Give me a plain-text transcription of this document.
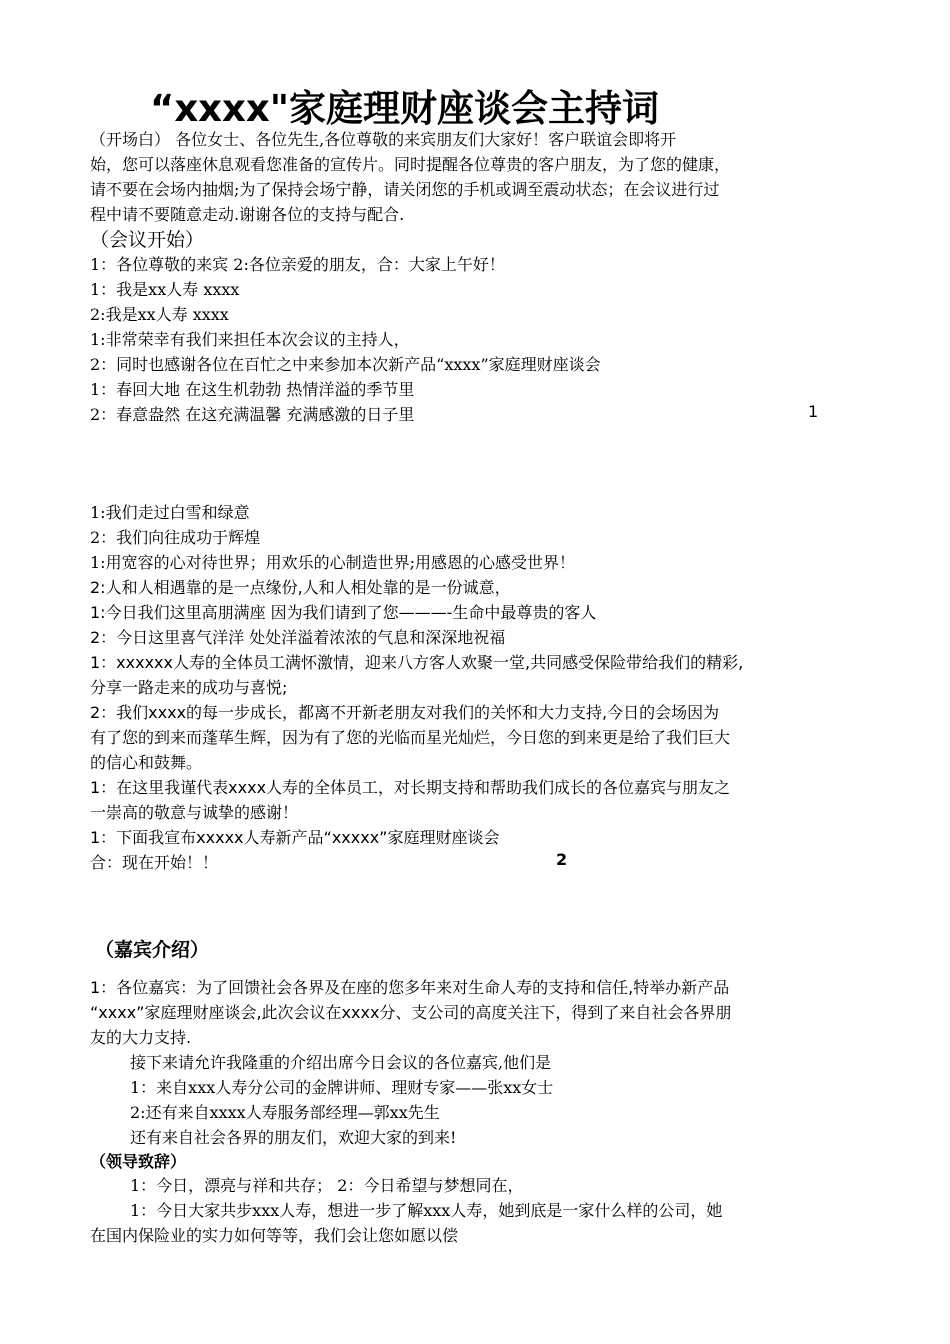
“xxxx"家庭理财座谈会主持词
（开场白） 各位女士、各位先生,各位尊敬的来宾朋友们大家好！客户联谊会即将开
始，您可以落座休息观看您准备的宣传片。同时提醒各位尊贵的客户朋友，为了您的健康，
请不要在会场内抽烟;为了保持会场宁静，请关闭您的手机或调至震动状态；在会议进行过
程中请不要随意走动.谢谢各位的支持与配合.
（会议开始）
1：各位尊敬的来宾 2:各位亲爱的朋友，合：大家上午好！
1：我是xx人寿 xxxx
2:我是xx人寿 xxxx
1:非常荣幸有我们来担任本次会议的主持人，
2：同时也感谢各位在百忙之中来参加本次新产品“xxxx”家庭理财座谈会
1：春回大地 在这生机勃勃 热情洋溢的季节里
2：春意盎然 在这充满温馨 充满感激的日子里	1
1:我们走过白雪和绿意
2：我们向往成功于辉煌
1:用宽容的心对待世界；用欢乐的心制造世界;用感恩的心感受世界！
2:人和人相遇靠的是一点缘份,人和人相处靠的是一份诚意，
1:今日我们这里高朋满座 因为我们请到了您———-生命中最尊贵的客人
2：今日这里喜气洋洋 处处洋溢着浓浓的气息和深深地祝福
1：xxxxxx人寿的全体员工满怀激情，迎来八方客人欢聚一堂,共同感受保险带给我们的精彩,
分享一路走来的成功与喜悦;
2：我们xxxx的每一步成长，都离不开新老朋友对我们的关怀和大力支持,今日的会场因为
有了您的到来而蓬荜生辉，因为有了您的光临而星光灿烂，今日您的到来更是给了我们巨大
的信心和鼓舞。
1：在这里我谨代表xxxx人寿的全体员工，对长期支持和帮助我们成长的各位嘉宾与朋友之
一崇高的敬意与诚挚的感谢！
1：下面我宣布xxxxx人寿新产品“xxxxx”家庭理财座谈会
合：现在开始！！	2
（嘉宾介绍）
1：各位嘉宾：为了回馈社会各界及在座的您多年来对生命人寿的支持和信任,特举办新产品
“xxxx”家庭理财座谈会,此次会议在xxxx分、支公司的高度关注下，得到了来自社会各界朋
友的大力支持.
接下来请允许我隆重的介绍出席今日会议的各位嘉宾,他们是
1：来自xxx人寿分公司的金牌讲师、理财专家——张xx女士
2:还有来自xxxx人寿服务部经理—郭xx先生
还有来自社会各界的朋友们，欢迎大家的到来!
（领导致辞）
1：今日，漂亮与祥和共存； 2：今日希望与梦想同在，
1：今日大家共步xxx人寿，想进一步了解xxx人寿，她到底是一家什么样的公司，她
在国内保险业的实力如何等等，我们会让您如愿以偿
